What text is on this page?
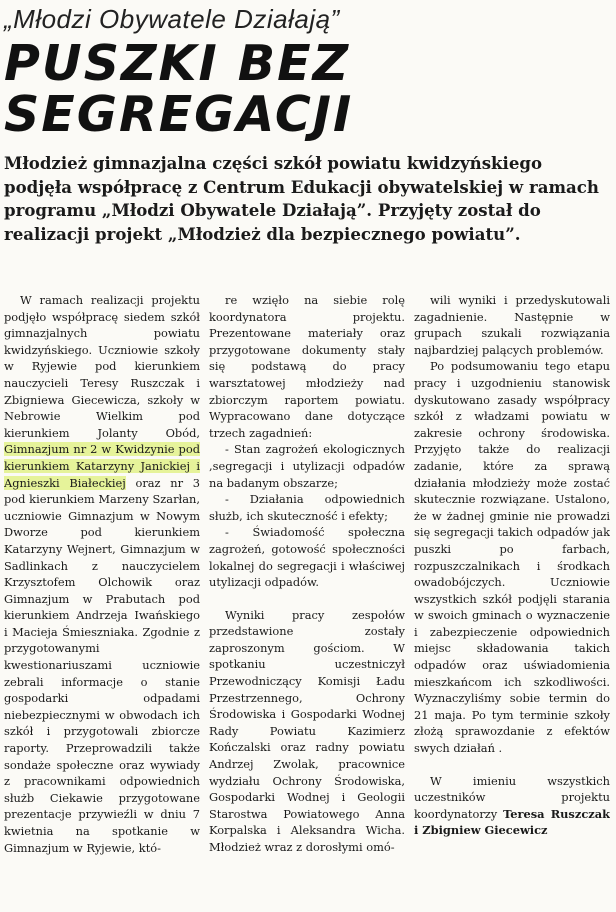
„Młodzi Obywatele Działają”
PUSZKI BEZ SEGREGACJI

Młodzież gimnazjalna części szkół powiatu kwidzyńskiego podjęła współpracę z Centrum Edukacji obywatelskiej w ramach programu „Młodzi Obywatele Działają”. Przyjęty został do realizacji projekt „Młodzież dla bezpiecznego powiatu”.

W ramach realizacji projektu podjęło współpracę siedem szkół gimnazjalnych powiatu kwidzyńskiego. Uczniowie szkoły w Ryjewie pod kierunkiem nauczycieli Teresy Ruszczak i Zbigniewa Giecewicza, szkoły w Nebrowie Wielkim pod kierunkiem Jolanty Obód, Gimnazjum nr 2 w Kwidzynie pod kierunkiem Katarzyny Janickiej i Agnieszki Białeckiej oraz nr 3 pod kierunkiem Marzeny Szarłan, uczniowie Gimnazjum w Nowym Dworze pod kierunkiem Katarzyny Wejnert, Gimnazjum w Sadlinkach z nauczycielem Krzysztofem Olchowik oraz Gimnazjum w Prabutach pod kierunkiem Andrzeja Iwańskiego i Macieja Śmieszniaka. Zgodnie z przygotowanymi kwestionariuszami uczniowie zebrali informacje o stanie gospodarki odpadami niebezpiecznymi w obwodach ich szkół i przygotowali zbiorcze raporty. Przeprowadzili także sondaże społeczne oraz wywiady z pracownikami odpowiednich służb Ciekawie przygotowane prezentacje przywieźli w dniu 7 kwietnia na spotkanie w Gimnazjum w Ryjewie, któ-

re wzięło na siebie rolę koordynatora projektu. Prezentowane materiały oraz przygotowane dokumenty stały się podstawą do pracy warsztatowej młodzieży nad zbiorczym raportem powiatu. Wypracowano dane dotyczące trzech zagadnień:

- Stan zagrożeń ekologicznych ,segregacji i utylizacji odpadów na badanym obszarze;

- Działania odpowiednich służb, ich skuteczność i efekty;

- Świadomość społeczna zagrożeń, gotowość społeczności lokalnej do segregacji i właściwej utylizacji odpadów.

Wyniki pracy zespołów przedstawione zostały zaproszonym gościom. W spotkaniu uczestniczył Przewodniczący Komisji Ładu Przestrzennego, Ochrony Środowiska i Gospodarki Wodnej Rady Powiatu Kazimierz Kończalski oraz radny powiatu Andrzej Zwolak, pracownice wydziału Ochrony Środowiska, Gospodarki Wodnej i Geologii Starostwa Powiatowego Anna Korpalska i Aleksandra Wicha. Młodzież wraz z dorosłymi omó-

wili wyniki i przedyskutowali zagadnienie. Następnie w grupach szukali rozwiązania najbardziej palących problemów.

Po podsumowaniu tego etapu pracy i uzgodnieniu stanowisk dyskutowano zasady współpracy szkół z władzami powiatu w zakresie ochrony środowiska. Przyjęto także do realizacji zadanie, które za sprawą działania młodzieży może zostać skutecznie rozwiązane. Ustalono, że w żadnej gminie nie prowadzi się segregacji takich odpadów jak puszki po farbach, rozpuszczalnikach i środkach owadobójczych. Uczniowie wszystkich szkół podjęli starania w swoich gminach o wyznaczenie i zabezpieczenie odpowiednich miejsc składowania takich odpadów oraz uświadomienia mieszkańcom ich szkodliwości. Wyznaczyliśmy sobie termin do 21 maja. Po tym terminie szkoły złożą sprawozdanie z efektów swych działań .

W imieniu wszystkich uczestników projektu koordynatorzy Teresa Ruszczak i Zbigniew Giecewicz
